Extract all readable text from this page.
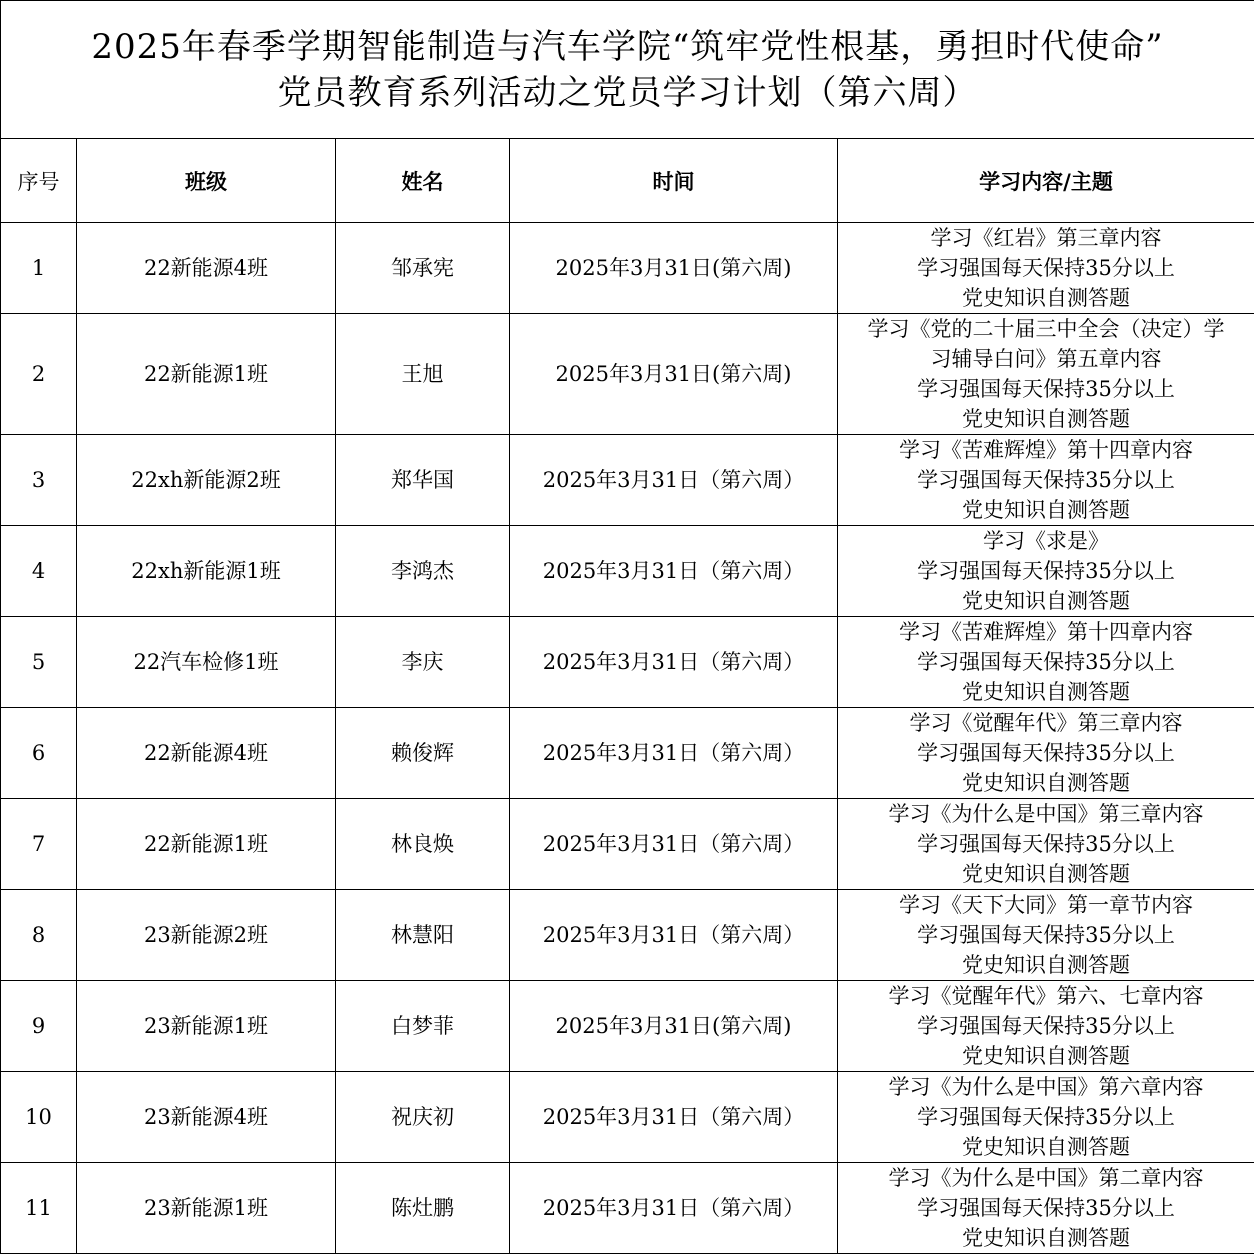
2025年春季学期智能制造与汽车学院“筑牢党性根基，勇担时代使命”
党员教育系列活动之党员学习计划（第六周）				

序号	班级	姓名	时间	学习内容/主题
1	22新能源4班	邹承宪	2025年3月31日(第六周)	学习《红岩》第三章内容
学习强国每天保持35分以上
党史知识自测答题

2	22新能源1班	王旭	2025年3月31日(第六周)	学习《党的二十届三中全会（决定）学
习辅导白问》第五章内容
学习强国每天保持35分以上
党史知识自测答题

3	22xh新能源2班	郑华国	2025年3月31日（第六周）	学习《苦难辉煌》第十四章内容
学习强国每天保持35分以上
党史知识自测答题

4	22xh新能源1班	李鸿杰	2025年3月31日（第六周）	学习《求是》
学习强国每天保持35分以上
党史知识自测答题

5	22汽车检修1班	李庆	2025年3月31日（第六周）	学习《苦难辉煌》第十四章内容
学习强国每天保持35分以上
党史知识自测答题

6	22新能源4班	赖俊辉	2025年3月31日（第六周）	学习《觉醒年代》第三章内容
学习强国每天保持35分以上
党史知识自测答题

7	22新能源1班	林良焕	2025年3月31日（第六周）	学习《为什么是中国》第三章内容
学习强国每天保持35分以上
党史知识自测答题

8	23新能源2班	林慧阳	2025年3月31日（第六周）	学习《天下大同》第一章节内容
学习强国每天保持35分以上
党史知识自测答题

9	23新能源1班	白梦菲	2025年3月31日(第六周)	学习《觉醒年代》第六、七章内容
学习强国每天保持35分以上
党史知识自测答题

10	23新能源4班	祝庆初	2025年3月31日（第六周）	学习《为什么是中国》第六章内容
学习强国每天保持35分以上
党史知识自测答题

11	23新能源1班	陈灶鹏	2025年3月31日（第六周）	学习《为什么是中国》第二章内容
学习强国每天保持35分以上
党史知识自测答题
